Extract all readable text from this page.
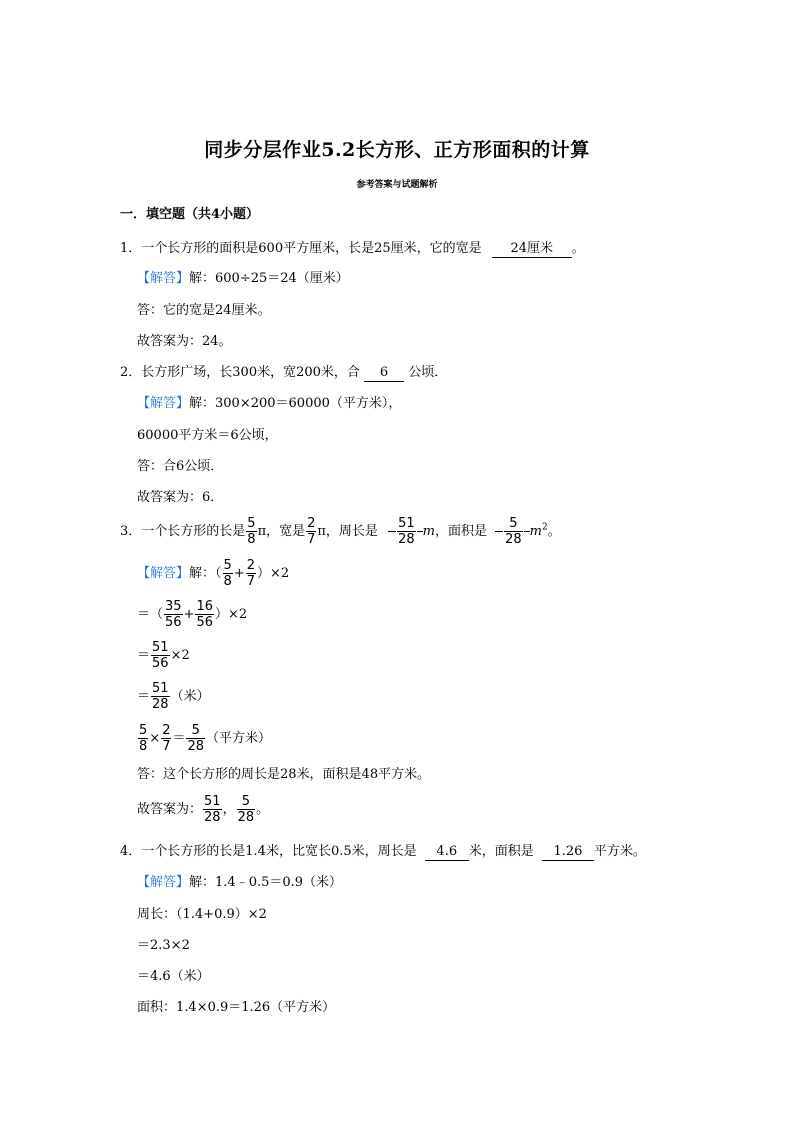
同步分层作业5.2长方形、正方形面积的计算
参考答案与试题解析
一．填空题（共4小题）
1．一个长方形的面积是600平方厘米，长是25厘米，它的宽是 24厘米 。
【解答】解：600÷25＝24（厘米）
答：它的宽是24厘米。
故答案为：24。
2．长方形广场，长300米，宽200米，合 6 公顷．
【解答】解：300×200＝60000（平方米），
60000平方米＝6公顷，
答：合6公顷．
故答案为：6．
3．一个长方形的长是 $\frac{5}{8}$ π，宽是 $\frac{2}{7}$ π，周长是 $\frac{51}{28}$ m，面积是 $\frac{5}{28} m^2$。
【解答】解：（ $\frac{5}{8} + \frac{2}{7} )\times 2$
＝（ $\frac{35}{56} + \frac{16}{56} )\times 2$
＝ $\frac{51}{56} \times 2$
＝ $\frac{51}{28}$ （米）
$\frac{5}{8} \times \frac{2}{7} = \frac{5}{28}$ （平方米）
答：这个长方形的周长是28米，面积是48平方米。
故答案为： $\frac{51}{28}$ ， $\frac{5}{28}$ 。
4．一个长方形的长是1.4米，比宽长0.5米，周长是 4.6 米，面积是 1.26 平方米。
【解答】解：1.4﹣0.5＝0.9（米）
周长：（1.4+0.9）×2
＝2.3×2
＝4.6（米）
面积：1.4×0.9＝1.26（平方米）
